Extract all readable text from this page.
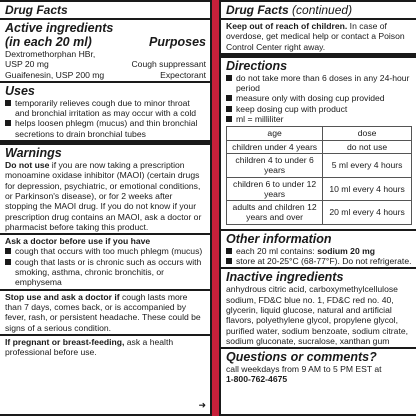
Drug Facts
Active ingredients
(in each 20 ml)	Purposes
Dextromethorphan HBr,
USP 20 mg	Cough suppressant
Guaifenesin, USP 200 mg	Expectorant
Uses
temporarily relieves cough due to minor throat and bronchial irritation as may occur with a cold
helps loosen phlegm (mucus) and thin bronchial secretions to drain bronchial tubes
Warnings
Do not use if you are now taking a prescription monoamine oxidase inhibitor (MAOI) (certain drugs for depression, psychiatric, or emotional conditions, or Parkinson's disease), or for 2 weeks after stopping the MAOI drug. If you do not know if your prescription drug contains an MAOI, ask a doctor or pharmacist before taking this product.
Ask a doctor before use if you have
cough that occurs with too much phlegm (mucus)
cough that lasts or is chronic such as occurs with smoking, asthma, chronic bronchitis, or emphysema
Stop use and ask a doctor if cough lasts more than 7 days, comes back, or is accompanied by fever, rash, or persistent headache. These could be signs of a serious condition.
If pregnant or breast-feeding, ask a health professional before use.
➜
Drug Facts (continued)
Keep out of reach of children. In case of overdose, get medical help or contact a Poison Control Center right away.
Directions
do not take more than 6 doses in any 24-hour period
measure only with dosing cup provided
keep dosing cup with product
ml = milliliter
age	dose
children under 4 years	do not use
children 4 to under 6 years	5 ml every 4 hours
children 6 to under 12 years	10 ml every 4 hours
adults and children 12 years and over	20 ml every 4 hours
Other information
each 20 ml contains: sodium 20 mg
store at 20-25°C (68-77°F). Do not refrigerate.
Inactive ingredients
anhydrous citric acid, carboxymethylcellulose sodium, FD&C blue no. 1, FD&C red no. 40, glycerin, liquid glucose, natural and artificial flavors, polyethylene glycol, propylene glycol, purified water, sodium benzoate, sodium citrate, sodium gluconate, sucralose, xanthan gum
Questions or comments?
call weekdays from 9 AM to 5 PM EST at
1-800-762-4675
